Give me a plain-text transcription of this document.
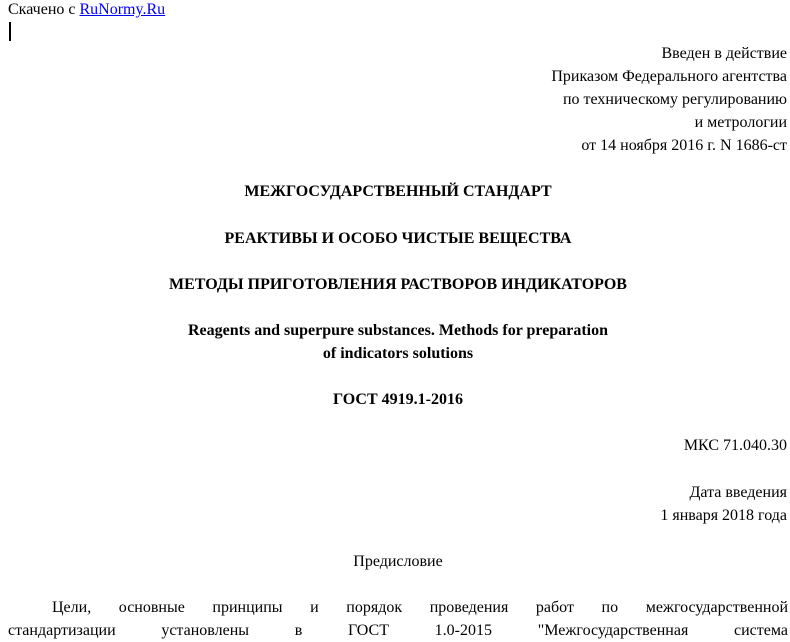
Скачено с RuNormy.Ru
Введен в действие
Приказом Федерального агентства
по техническому регулированию
и метрологии
от 14 ноября 2016 г. N 1686-ст
МЕЖГОСУДАРСТВЕННЫЙ СТАНДАРТ
РЕАКТИВЫ И ОСОБО ЧИСТЫЕ ВЕЩЕСТВА
МЕТОДЫ ПРИГОТОВЛЕНИЯ РАСТВОРОВ ИНДИКАТОРОВ
Reagents and superpure substances. Methods for preparation
of indicators solutions
ГОСТ 4919.1-2016
МКС 71.040.30
Дата введения
1 января 2018 года
Предисловие

Цели, основные принципы и порядок проведения работ по межгосударственной

стандартизации установлены в ГОСТ 1.0-2015 "Межгосударственная система
